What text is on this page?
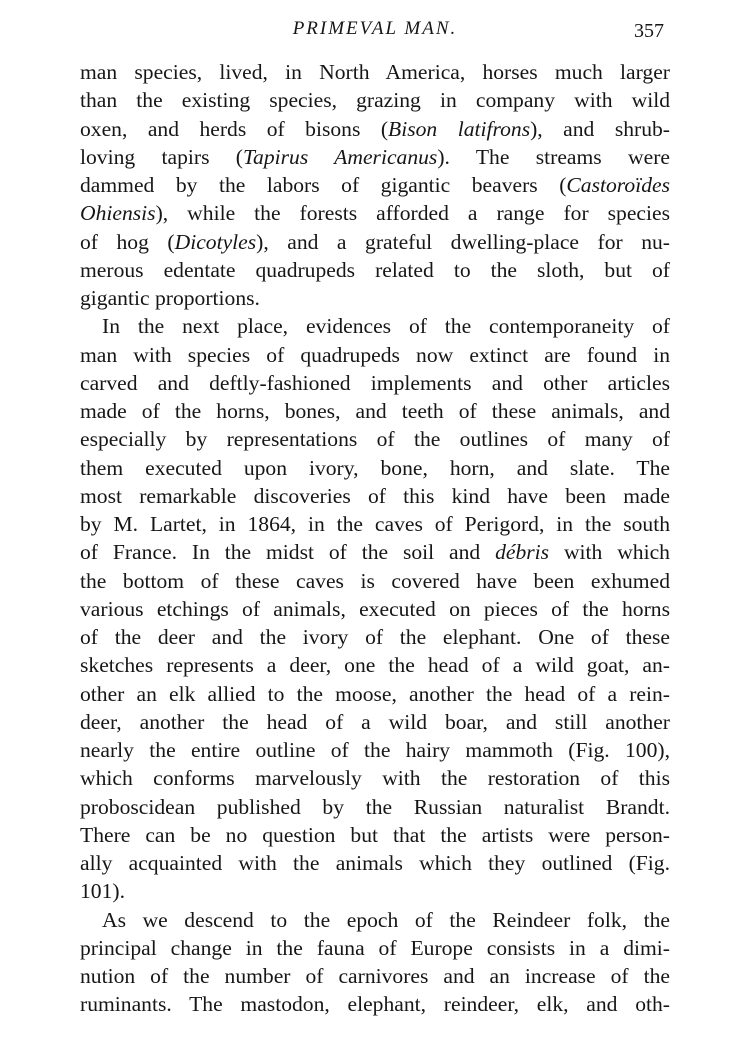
PRIMEVAL MAN.	357
man species, lived, in North America, horses much larger
than the existing species, grazing in company with wild
oxen, and herds of bisons (Bison latifrons), and shrub-
loving tapirs (Tapirus Americanus). The streams were
dammed by the labors of gigantic beavers (Castoroïdes
Ohiensis), while the forests afforded a range for species
of hog (Dicotyles), and a grateful dwelling-place for nu-
merous edentate quadrupeds related to the sloth, but of
gigantic proportions.
In the next place, evidences of the contemporaneity of
man with species of quadrupeds now extinct are found in
carved and deftly-fashioned implements and other articles
made of the horns, bones, and teeth of these animals, and
especially by representations of the outlines of many of
them executed upon ivory, bone, horn, and slate. The
most remarkable discoveries of this kind have been made
by M. Lartet, in 1864, in the caves of Perigord, in the south
of France. In the midst of the soil and débris with which
the bottom of these caves is covered have been exhumed
various etchings of animals, executed on pieces of the horns
of the deer and the ivory of the elephant. One of these
sketches represents a deer, one the head of a wild goat, an-
other an elk allied to the moose, another the head of a rein-
deer, another the head of a wild boar, and still another
nearly the entire outline of the hairy mammoth (Fig. 100),
which conforms marvelously with the restoration of this
proboscidean published by the Russian naturalist Brandt.
There can be no question but that the artists were person-
ally acquainted with the animals which they outlined (Fig.
101).
As we descend to the epoch of the Reindeer folk, the
principal change in the fauna of Europe consists in a dimi-
nution of the number of carnivores and an increase of the
ruminants. The mastodon, elephant, reindeer, elk, and oth-
